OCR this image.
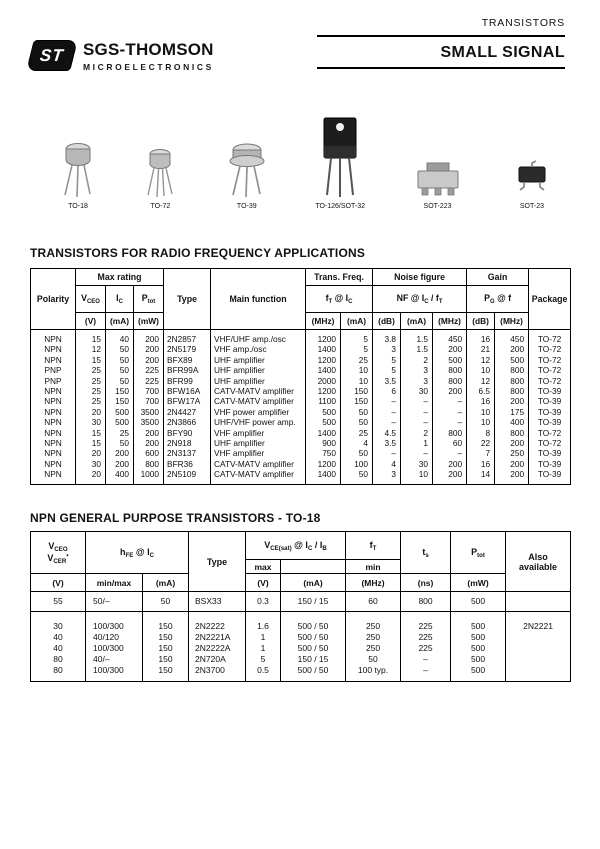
TRANSISTORS
SMALL SIGNAL
ST SGS-THOMSON
MICROELECTRONICS
TO-18	TO-72	TO-39	TO-126/SOT-32	SOT-223	SOT-23
TRANSISTORS FOR RADIO FREQUENCY APPLICATIONS
Polarity	Max rating			Type	Main function	Trans. Freq.		Noise figure			Gain		Package
	$V_{CEO}$	$I_C$	$P_{tot}$			$f_T$ @ $I_C$		NF @ $I_C / f_T$			$P_G$ @ f		
	(V)	(mA)	(mW)			(MHz)	(mA)	(dB)	(mA)	(MHz)	(dB)	(MHz)	
NPN	15	40	200	2N2857	VHF/UHF amp./osc	1200	5	3.8	1.5	450	16	450	TO-72
NPN	12	50	200	2N5179	VHF amp./osc	1400	5	3	1.5	200	21	200	TO-72
NPN	15	50	200	BFX89	UHF amplifier	1200	25	5	2	500	12	500	TO-72
PNP	25	50	225	BFR99A	UHF amplifier	1400	10	5	3	800	10	800	TO-72
PNP	25	50	225	BFR99	UHF amplifier	2000	10	3.5	3	800	12	800	TO-72
NPN	25	150	700	BFW16A	CATV-MATV amplifier	1200	150	6	30	200	6.5	800	TO-39
NPN	25	150	700	BFW17A	CATV-MATV amplifier	1100	150	–	–	–	16	200	TO-39
NPN	20	500	3500	2N4427	VHF power amplifier	500	50	–	–	–	10	175	TO-39
NPN	30	500	3500	2N3866	UHF/VHF power amp.	500	50	–	–	–	10	400	TO-39
NPN	15	25	200	BFY90	VHF amplifier	1400	25	4.5	2	800	8	800	TO-72
NPN	15	50	200	2N918	UHF amplifier	900	4	3.5	1	60	22	200	TO-72
NPN	20	200	600	2N3137	VHF amplifier	750	50	–	–	–	7	250	TO-39
NPN	30	200	800	BFR36	CATV-MATV amplifier	1200	100	4	30	200	16	200	TO-39
NPN	20	400	1000	2N5109	CATV-MATV amplifier	1400	50	3	10	200	14	200	TO-39
NPN GENERAL PURPOSE TRANSISTORS - TO-18
$V_{CEO}$
$V_{CER}^*$	$h_{FE}$ @ $I_C$	Type	$V_{CE(sat)}$ @ $I_C / I_B$	$f_T$	$t_s$	$P_{tot}$	Also
available

				max		min			
(V)	min/max	(mA)		(V)	(mA)	(MHz)	(ns)	(mW)	
55	50/–	50	BSX33	0.3	150 / 15	60	800	500	
30	100/300	150	2N2222	1.6	500 / 50	250	225	500	2N2221
40	40/120	150	2N2221A	1	500 / 50	250	225	500	
40	100/300	150	2N2222A	1	500 / 50	250	225	500	
80	40/–	150	2N720A	5	150 / 15	50	–	500	
80	100/300	150	2N3700	0.5	500 / 50	100 typ.	–	500	
